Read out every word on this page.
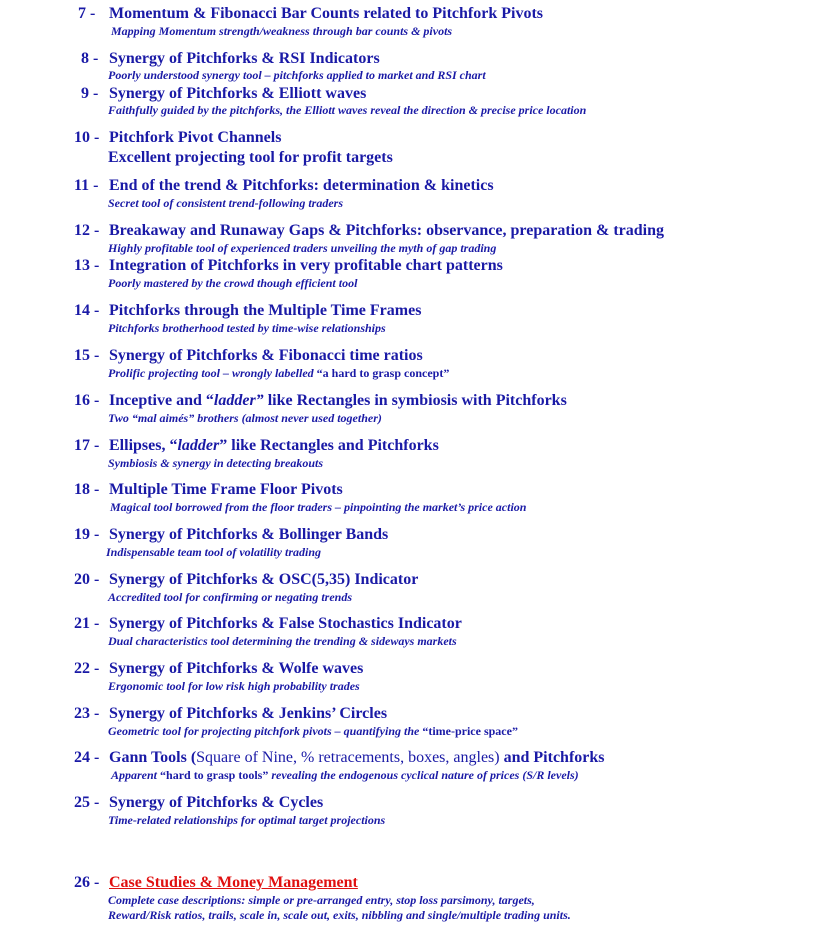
7 - Momentum & Fibonacci Bar Counts related to Pitchfork Pivots
Mapping Momentum strength/weakness through bar counts & pivots
8 - Synergy of Pitchforks & RSI Indicators
Poorly understood synergy tool – pitchforks applied to market and RSI chart
9 - Synergy of Pitchforks & Elliott waves
Faithfully guided by the pitchforks, the Elliott waves reveal the direction & precise price location
10 - Pitchfork Pivot Channels
Excellent projecting tool for profit targets
11 - End of the trend & Pitchforks: determination & kinetics
Secret tool of consistent trend-following traders
12 - Breakaway and Runaway Gaps & Pitchforks: observance, preparation & trading
Highly profitable tool of experienced traders unveiling the myth of gap trading
13 - Integration of Pitchforks in very profitable chart patterns
Poorly mastered by the crowd though efficient tool
14 - Pitchforks through the Multiple Time Frames
Pitchforks brotherhood tested by time-wise relationships
15 - Synergy of Pitchforks & Fibonacci time ratios
Prolific projecting tool – wrongly labelled “a hard to grasp concept”
16 - Inceptive and “ladder” like Rectangles in symbiosis with Pitchforks
Two “mal aimés” brothers (almost never used together)
17 - Ellipses, “ladder” like Rectangles and Pitchforks
Symbiosis & synergy in detecting breakouts
18 - Multiple Time Frame Floor Pivots
Magical tool borrowed from the floor traders – pinpointing the market’s price action
19 - Synergy of Pitchforks & Bollinger Bands
Indispensable team tool of volatility trading
20 - Synergy of Pitchforks & OSC(5,35) Indicator
Accredited tool for confirming or negating trends
21 - Synergy of Pitchforks & False Stochastics Indicator
Dual characteristics tool determining the trending & sideways markets
22 - Synergy of Pitchforks & Wolfe waves
Ergonomic tool for low risk high probability trades
23 - Synergy of Pitchforks & Jenkins’ Circles
Geometric tool for projecting pitchfork pivots – quantifying the “time-price space”
24 - Gann Tools (Square of Nine, % retracements, boxes, angles) and Pitchforks
Apparent “hard to grasp tools” revealing the endogenous cyclical nature of prices (S/R levels)
25 - Synergy of Pitchforks & Cycles
Time-related relationships for optimal target projections
26 - Case Studies & Money Management
Complete case descriptions: simple or pre-arranged entry, stop loss parsimony, targets,
Reward/Risk ratios, trails, scale in, scale out, exits, nibbling and single/multiple trading units.
